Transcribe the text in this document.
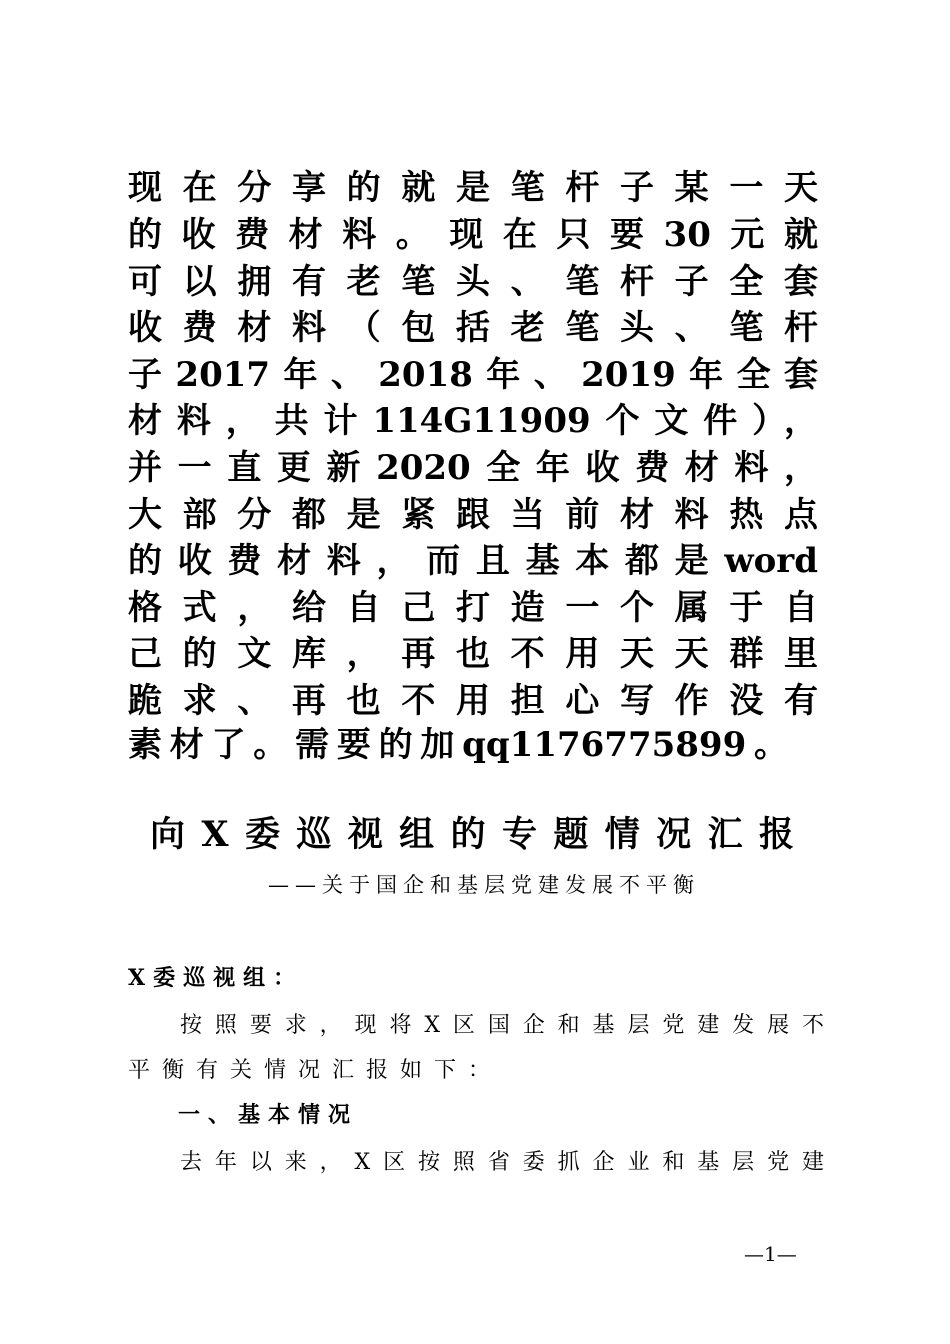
现在分享的就是笔杆子某一天
的收费材料。现在只要30元就
可以拥有老笔头、笔杆子全套
收费材料（包括老笔头、笔杆
子2017年、2018年、2019年全套
材料，共计114G11909个文件），
并一直更新2020全年收费材料，
大部分都是紧跟当前材料热点
的收费材料，而且基本都是word
格式，给自己打造一个属于自
己的文库，再也不用天天群里
跪求、再也不用担心写作没有
素材了。需要的加qq1176775899。
向X委巡视组的专题情况汇报
——关于国企和基层党建发展不平衡
X委巡视组：
按照要求，现将X区国企和基层党建发展不
平衡有关情况汇报如下：
一、基本情况
去年以来，X区按照省委抓企业和基层党建
—1—
